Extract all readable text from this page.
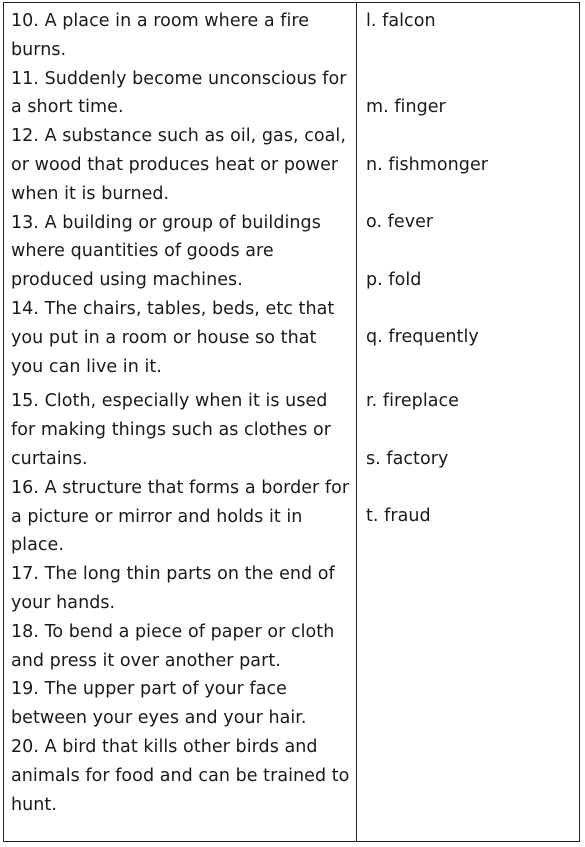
10. A place in a room where a fire burns.
11. Suddenly become unconscious for a short time.
12. A substance such as oil, gas, coal, or wood that produces heat or power when it is burned.
13. A building or group of buildings where quantities of goods are produced using machines.
14. The chairs, tables, beds, etc that you put in a room or house so that you can live in it.
15. Cloth, especially when it is used for making things such as clothes or curtains.
16. A structure that forms a border for a picture or mirror and holds it in place.
17. The long thin parts on the end of your hands.
18. To bend a piece of paper or cloth and press it over another part.
19. The upper part of your face between your eyes and your hair.
20. A bird that kills other birds and animals for food and can be trained to hunt.
l. falcon
m. finger
n. fishmonger
o. fever
p. fold
q. frequently
r. fireplace
s. factory
t. fraud
